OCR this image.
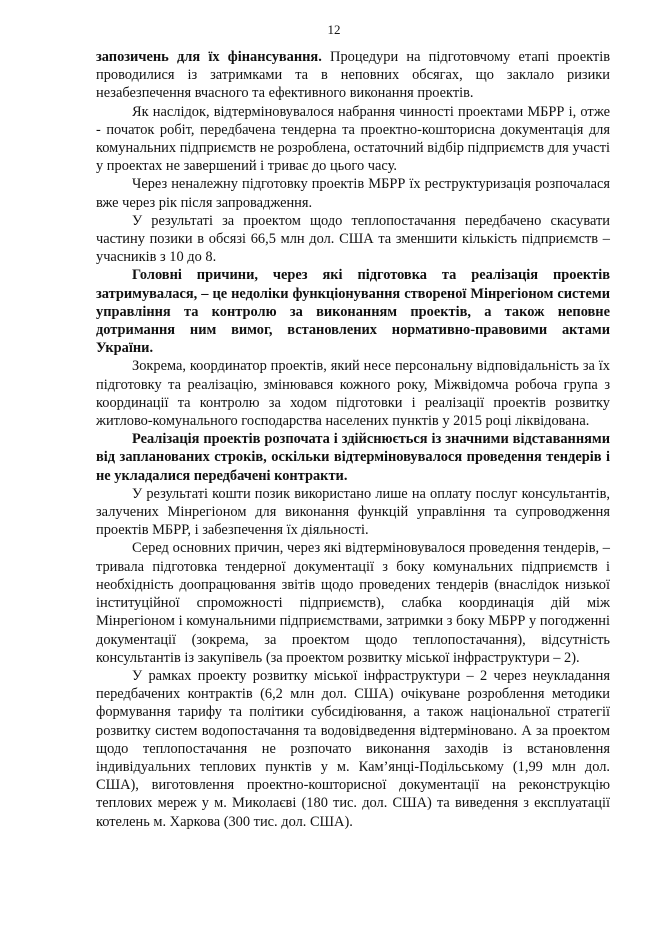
12

запозичень для їх фінансування. Процедури на підготовчому етапі проектів проводилися із затримками та в неповних обсягах, що заклало ризики незабезпечення вчасного та ефективного виконання проектів.

Як наслідок, відтерміновувалося набрання чинності проектами МБРР і, отже - початок робіт, передбачена тендерна та проектно-кошторисна документація для комунальних підприємств не розроблена, остаточний відбір підприємств для участі у проектах не завершений і триває до цього часу.

Через неналежну підготовку проектів МБРР їх реструктуризація розпочалася вже через рік після запровадження.

У результаті за проектом щодо теплопостачання передбачено скасувати частину позики в обсязі 66,5 млн дол. США та зменшити кількість підприємств – учасників з 10 до 8.

Головні причини, через які підготовка та реалізація проектів затримувалася, – це недоліки функціонування створеної Мінрегіоном системи управління та контролю за виконанням проектів, а також неповне дотримання ним вимог, встановлених нормативно-правовими актами України.

Зокрема, координатор проектів, який несе персональну відповідальність за їх підготовку та реалізацію, змінювався кожного року, Міжвідомча робоча група з координації та контролю за ходом підготовки і реалізації проектів розвитку житлово-комунального господарства населених пунктів у 2015 році ліквідована.

Реалізація проектів розпочата і здійснюється із значними відставаннями від запланованих строків, оскільки відтерміновувалося проведення тендерів і не укладалися передбачені контракти.

У результаті кошти позик використано лише на оплату послуг консультантів, залучених Мінрегіоном для виконання функцій управління та супроводження проектів МБРР, і забезпечення їх діяльності.

Серед основних причин, через які відтерміновувалося проведення тендерів, – тривала підготовка тендерної документації з боку комунальних підприємств і необхідність доопрацювання звітів щодо проведених тендерів (внаслідок низької інституційної спроможності підприємств), слабка координація дій між Мінрегіоном і комунальними підприємствами, затримки з боку МБРР у погодженні документації (зокрема, за проектом щодо теплопостачання), відсутність консультантів із закупівель (за проектом розвитку міської інфраструктури – 2).

У рамках проекту розвитку міської інфраструктури – 2 через неукладання передбачених контрактів (6,2 млн дол. США) очікуване розроблення методики формування тарифу та політики субсидіювання, а також національної стратегії розвитку систем водопостачання та водовідведення відтерміновано. А за проектом щодо теплопостачання не розпочато виконання заходів із встановлення індивідуальних теплових пунктів у м. Кам’янці-Подільському (1,99 млн дол. США), виготовлення проектно-кошторисної документації на реконструкцію теплових мереж у м. Миколаєві (180 тис. дол. США) та виведення з експлуатації котелень м. Харкова (300 тис. дол. США).
